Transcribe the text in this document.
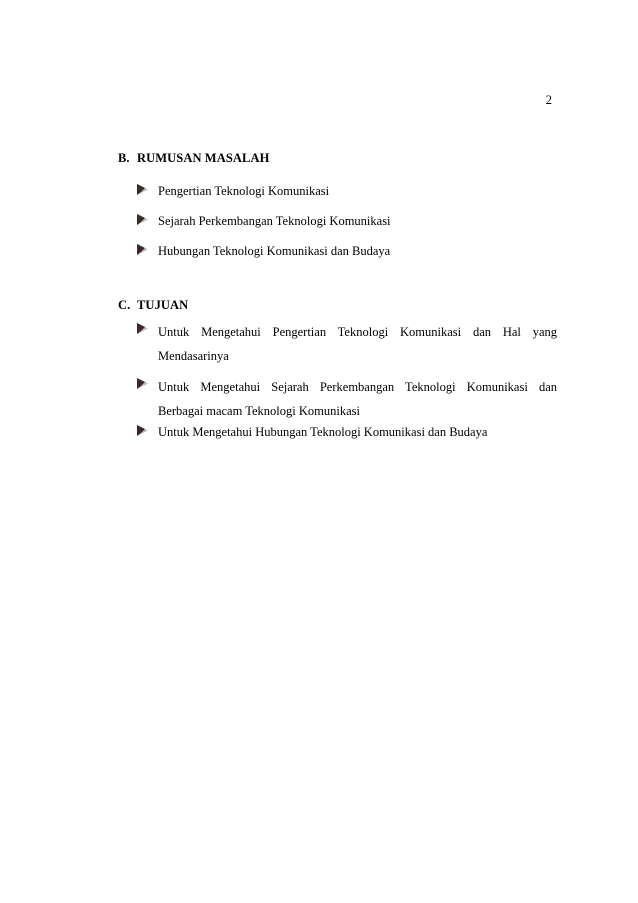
2
B. RUMUSAN MASALAH
Pengertian Teknologi Komunikasi
Sejarah Perkembangan Teknologi Komunikasi
Hubungan Teknologi Komunikasi dan Budaya
C. TUJUAN
Untuk Mengetahui Pengertian Teknologi Komunikasi dan Hal yang Mendasarinya
Untuk Mengetahui Sejarah Perkembangan Teknologi Komunikasi dan Berbagai macam Teknologi Komunikasi
Untuk Mengetahui Hubungan Teknologi Komunikasi dan Budaya
